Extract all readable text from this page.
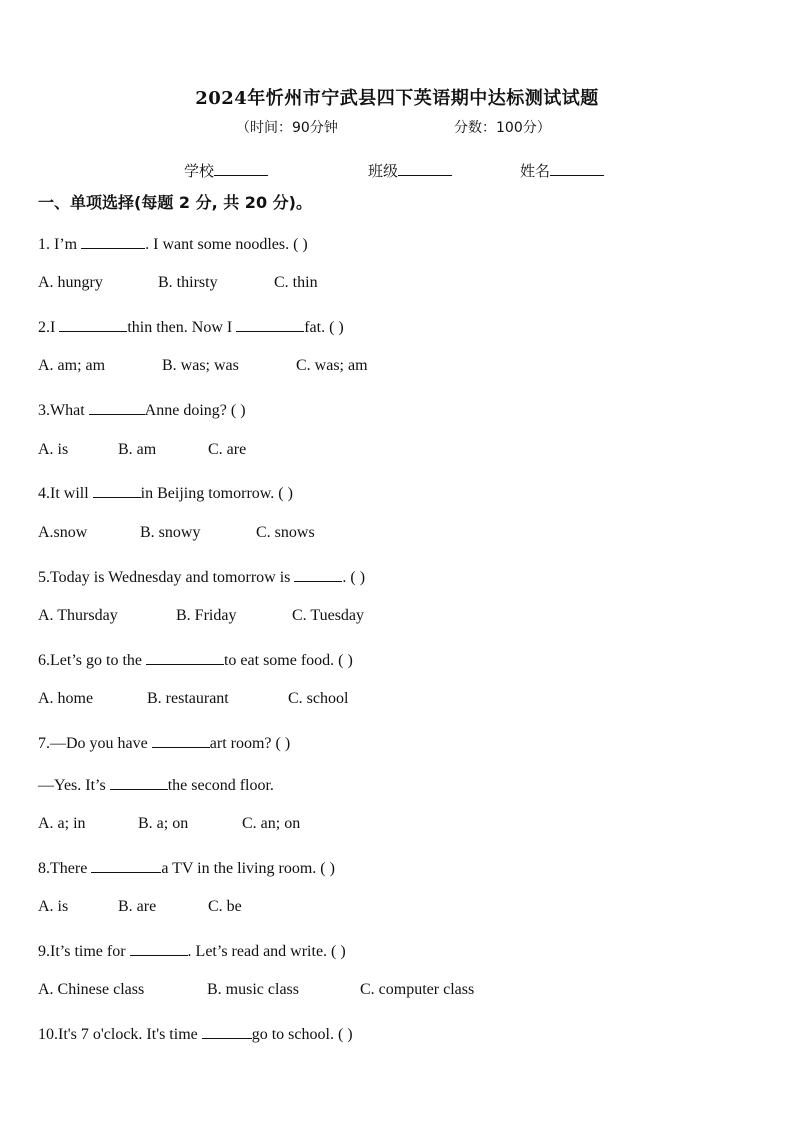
2024年忻州市宁武县四下英语期中达标测试试题
（时间：90分钟	分数：100分）
学校	班级	姓名
一、单项选择(每题 2 分, 共 20 分)。
1. I’m	. I want some noodles. ( )
A. hungry	B. thirsty	C. thin
2.I	thin then. Now I	fat. ( )
A. am; am	B. was; was	C. was; am
3.What	Anne doing? ( )
A. is	B. am	C. are
4.It will	in Beijing tomorrow. ( )
A.snow	B. snowy	C. snows
5.Today is Wednesday and tomorrow is	. ( )
A. Thursday	B. Friday	C. Tuesday
6.Let’s go to the	to eat some food. ( )
A. home	B. restaurant	C. school
7.—Do you have	art room? ( )
—Yes. It’s	the second floor.
A. a; in	B. a; on	C. an; on
8.There	a TV in the living room. ( )
A. is	B. are	C. be
9.It’s time for	. Let’s read and write. ( )
A. Chinese class	B. music class	C. computer class
10.It's 7 o'clock. It's time	go to school. ( )
